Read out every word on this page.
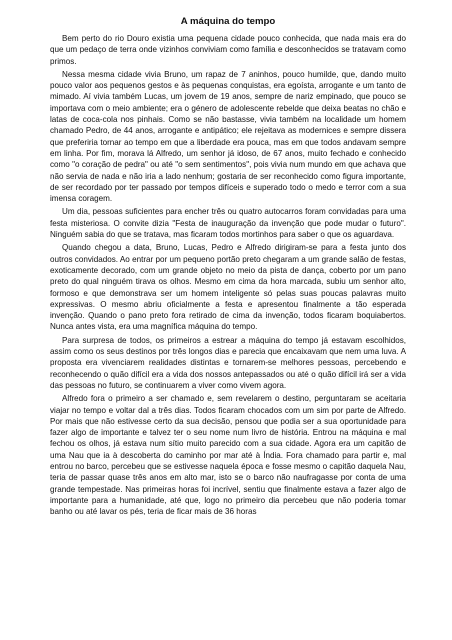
A máquina do tempo

Bem perto do rio Douro existia uma pequena cidade pouco conhecida, que nada mais era do que um pedaço de terra onde vizinhos conviviam como família e desconhecidos se tratavam como primos.

Nessa mesma cidade vivia Bruno, um rapaz de 7 aninhos, pouco humilde, que, dando muito pouco valor aos pequenos gestos e às pequenas conquistas, era egoísta, arrogante e um tanto de mimado. Aí vivia também Lucas, um jovem de 19 anos, sempre de nariz empinado, que pouco se importava com o meio ambiente; era o género de adolescente rebelde que deixa beatas no chão e latas de coca-cola nos pinhais. Como se não bastasse, vivia também na localidade um homem chamado Pedro, de 44 anos, arrogante e antipático; ele rejeitava as modernices e sempre dissera que preferiria tornar ao tempo em que a liberdade era pouca, mas em que todos andavam sempre em linha. Por fim, morava lá Alfredo, um senhor já idoso, de 67 anos, muito fechado e conhecido como "o coração de pedra" ou até "o sem sentimentos", pois vivia num mundo em que achava que não servia de nada e não iria a lado nenhum; gostaria de ser reconhecido como figura importante, de ser recordado por ter passado por tempos difíceis e superado todo o medo e terror com a sua imensa coragem.

Um dia, pessoas suficientes para encher três ou quatro autocarros foram convidadas para uma festa misteriosa. O convite dizia "Festa de inauguração da invenção que pode mudar o futuro". Ninguém sabia do que se tratava, mas ficaram todos mortinhos para saber o que os aguardava.

Quando chegou a data, Bruno, Lucas, Pedro e Alfredo dirigiram-se para a festa junto dos outros convidados. Ao entrar por um pequeno portão preto chegaram a um grande salão de festas, exoticamente decorado, com um grande objeto no meio da pista de dança, coberto por um pano preto do qual ninguém tirava os olhos. Mesmo em cima da hora marcada, subiu um senhor alto, formoso e que demonstrava ser um homem inteligente só pelas suas poucas palavras muito expressivas. O mesmo abriu oficialmente a festa e apresentou finalmente a tão esperada invenção. Quando o pano preto fora retirado de cima da invenção, todos ficaram boquiabertos. Nunca antes vista, era uma magnífica máquina do tempo.

Para surpresa de todos, os primeiros a estrear a máquina do tempo já estavam escolhidos, assim como os seus destinos por três longos dias e parecia que encaixavam que nem uma luva. A proposta era vivenciarem realidades distintas e tornarem-se melhores pessoas, percebendo e reconhecendo o quão difícil era a vida dos nossos antepassados ou até o quão difícil irá ser a vida das pessoas no futuro, se continuarem a viver como vivem agora.

Alfredo fora o primeiro a ser chamado e, sem revelarem o destino, perguntaram se aceitaria viajar no tempo e voltar dal a três dias. Todos ficaram chocados com um sim por parte de Alfredo. Por mais que não estivesse certo da sua decisão, pensou que podia ser a sua oportunidade para fazer algo de importante e talvez ter o seu nome num livro de história. Entrou na máquina e mal fechou os olhos, já estava num sítio muito parecido com a sua cidade. Agora era um capitão de uma Nau que ia à descoberta do caminho por mar até à Índia. Fora chamado para partir e, mal entrou no barco, percebeu que se estivesse naquela época e fosse mesmo o capitão daquela Nau, teria de passar quase três anos em alto mar, isto se o barco não naufragasse por conta de uma grande tempestade. Nas primeiras horas foi incrível, sentiu que finalmente estava a fazer algo de importante para a humanidade, até que, logo no primeiro dia percebeu que não poderia tomar banho ou até lavar os pés, teria de ficar mais de 36 horas
